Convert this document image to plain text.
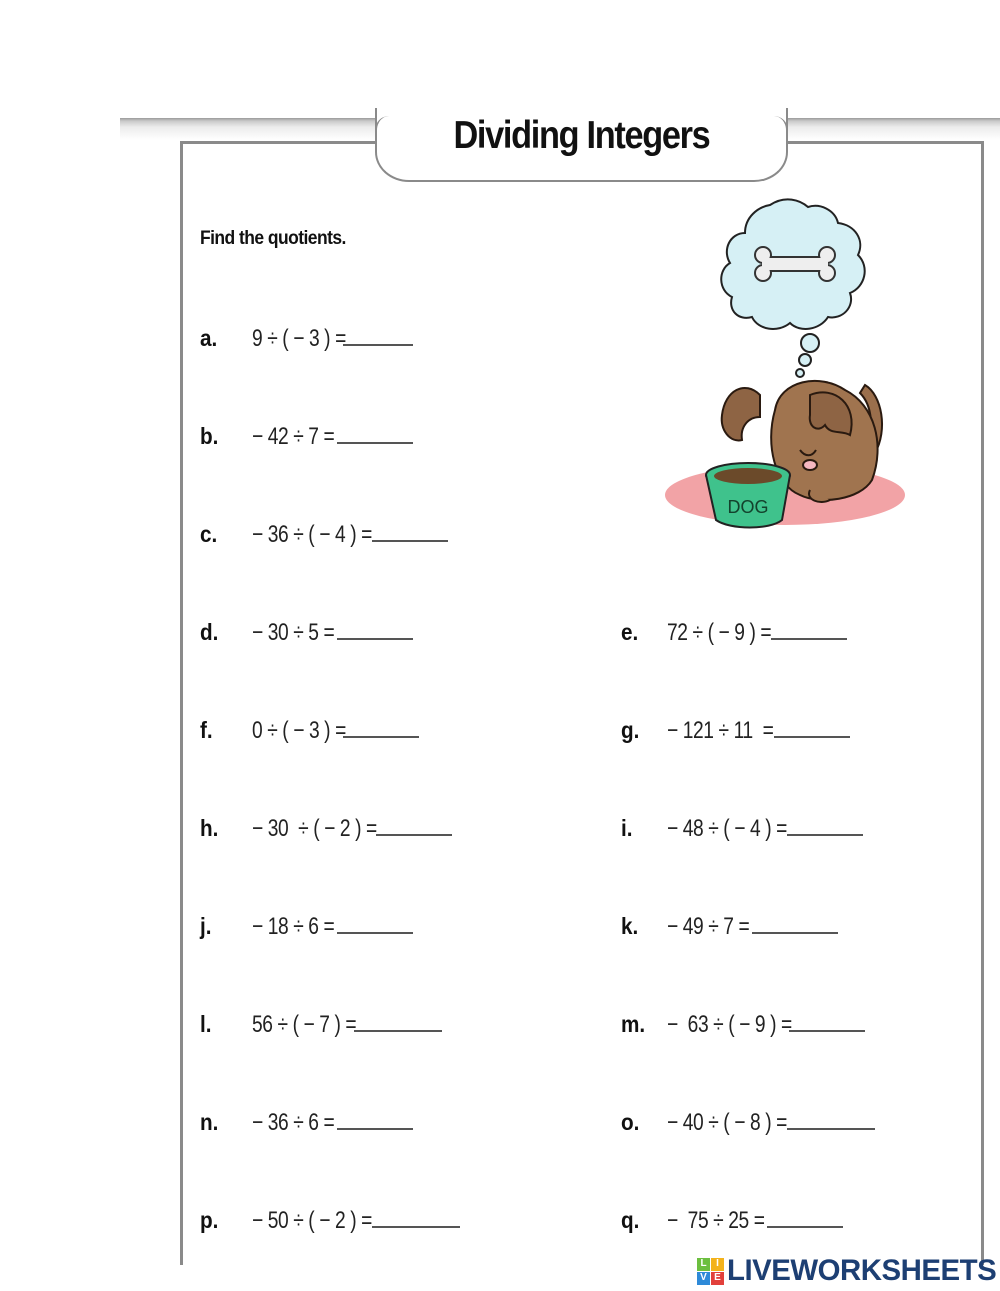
Dividing Integers
Find the quotients.
a.	9 ÷ ( − 3 ) =
b.	− 42 ÷ 7 =
c.	− 36 ÷ ( − 4 ) =
d.	− 30 ÷ 5 =	e.	72 ÷ ( − 9 ) =
f.	0 ÷ ( − 3 ) =	g.	− 121 ÷ 11  =
h.	− 30  ÷ ( − 2 ) =	i.	− 48 ÷ ( − 4 ) =
j.	− 18 ÷ 6 =	k.	− 49 ÷ 7 =
l.	56 ÷ ( − 7 ) =	m. −  63 ÷ ( − 9 ) =
n.	− 36 ÷ 6 =	o.	− 40 ÷ ( − 8 ) =
p.	− 50 ÷ ( − 2 ) =	q.	−  75 ÷ 25 =
DOG
L I
V E LIVEWORKSHEETS
